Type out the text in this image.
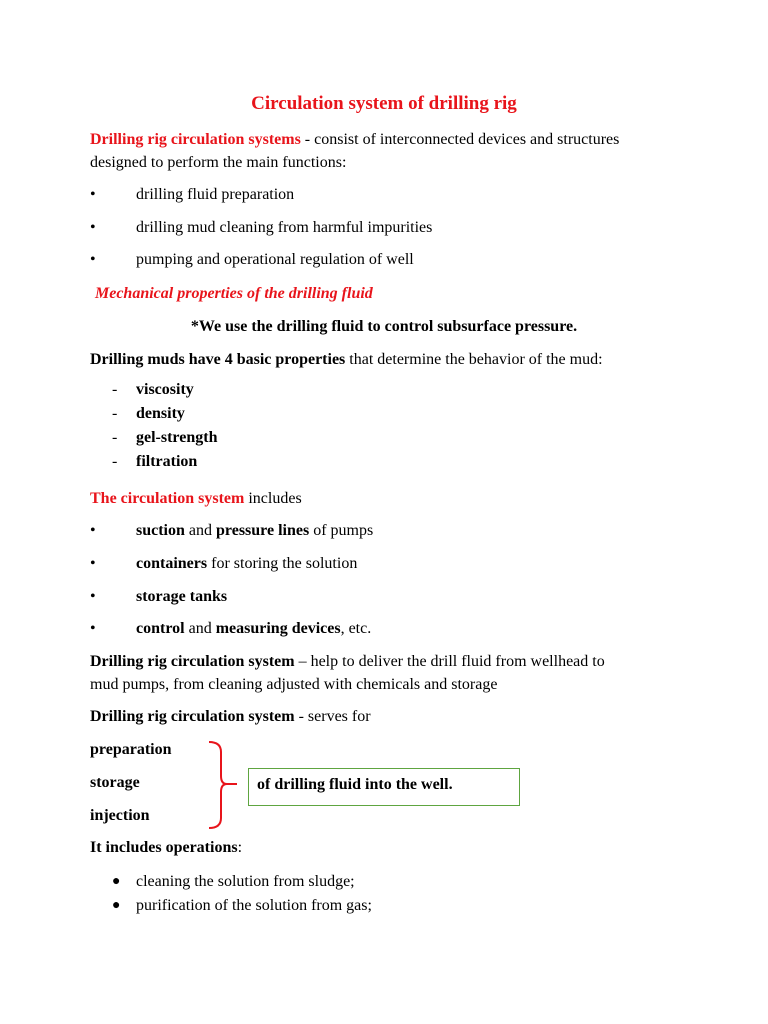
Circulation system of drilling rig
Drilling rig circulation systems - consist of interconnected devices and structures
designed to perform the main functions:
•	drilling fluid preparation
•	drilling mud cleaning from harmful impurities
•	pumping and operational regulation of well
Mechanical properties of the drilling fluid
*We use the drilling fluid to control subsurface pressure.
Drilling muds have 4 basic properties that determine the behavior of the mud:
- viscosity
- density
- gel-strength
- filtration
The circulation system includes
•	suction and pressure lines of pumps
•	containers for storing the solution
•	storage tanks
•	control and measuring devices, etc.
Drilling rig circulation system – help to deliver the drill fluid from wellhead to
mud pumps, from cleaning adjusted with chemicals and storage
Drilling rig circulation system - serves for
preparation
storage
injection
of drilling fluid into the well.
It includes operations:
● cleaning the solution from sludge;
● purification of the solution from gas;
